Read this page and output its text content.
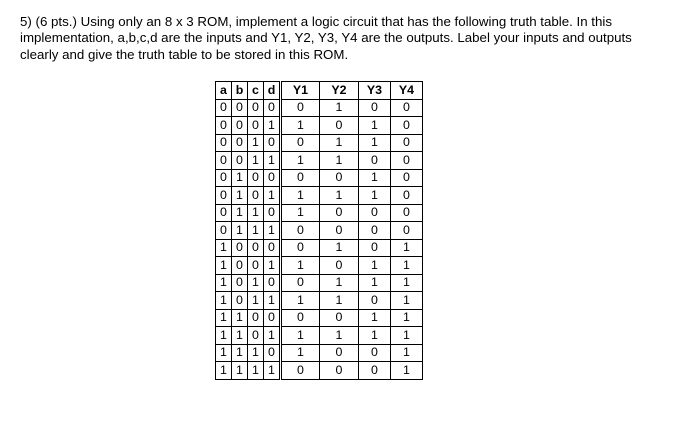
5) (6 pts.) Using only an 8 x 3 ROM, implement a logic circuit that has the following truth table. In this
implementation, a,b,c,d are the inputs and Y1, Y2, Y3, Y4 are the outputs. Label your inputs and outputs
clearly and give the truth table to be stored in this ROM.
a	b	c	d	Y1	Y2	Y3	Y4
0	0	0	0	0	1	0	0
0	0	0	1	1	0	1	0
0	0	1	0	0	1	1	0
0	0	1	1	1	1	0	0
0	1	0	0	0	0	1	0
0	1	0	1	1	1	1	0
0	1	1	0	1	0	0	0
0	1	1	1	0	0	0	0
1	0	0	0	0	1	0	1
1	0	0	1	1	0	1	1
1	0	1	0	0	1	1	1
1	0	1	1	1	1	0	1
1	1	0	0	0	0	1	1
1	1	0	1	1	1	1	1
1	1	1	0	1	0	0	1
1	1	1	1	0	0	0	1
